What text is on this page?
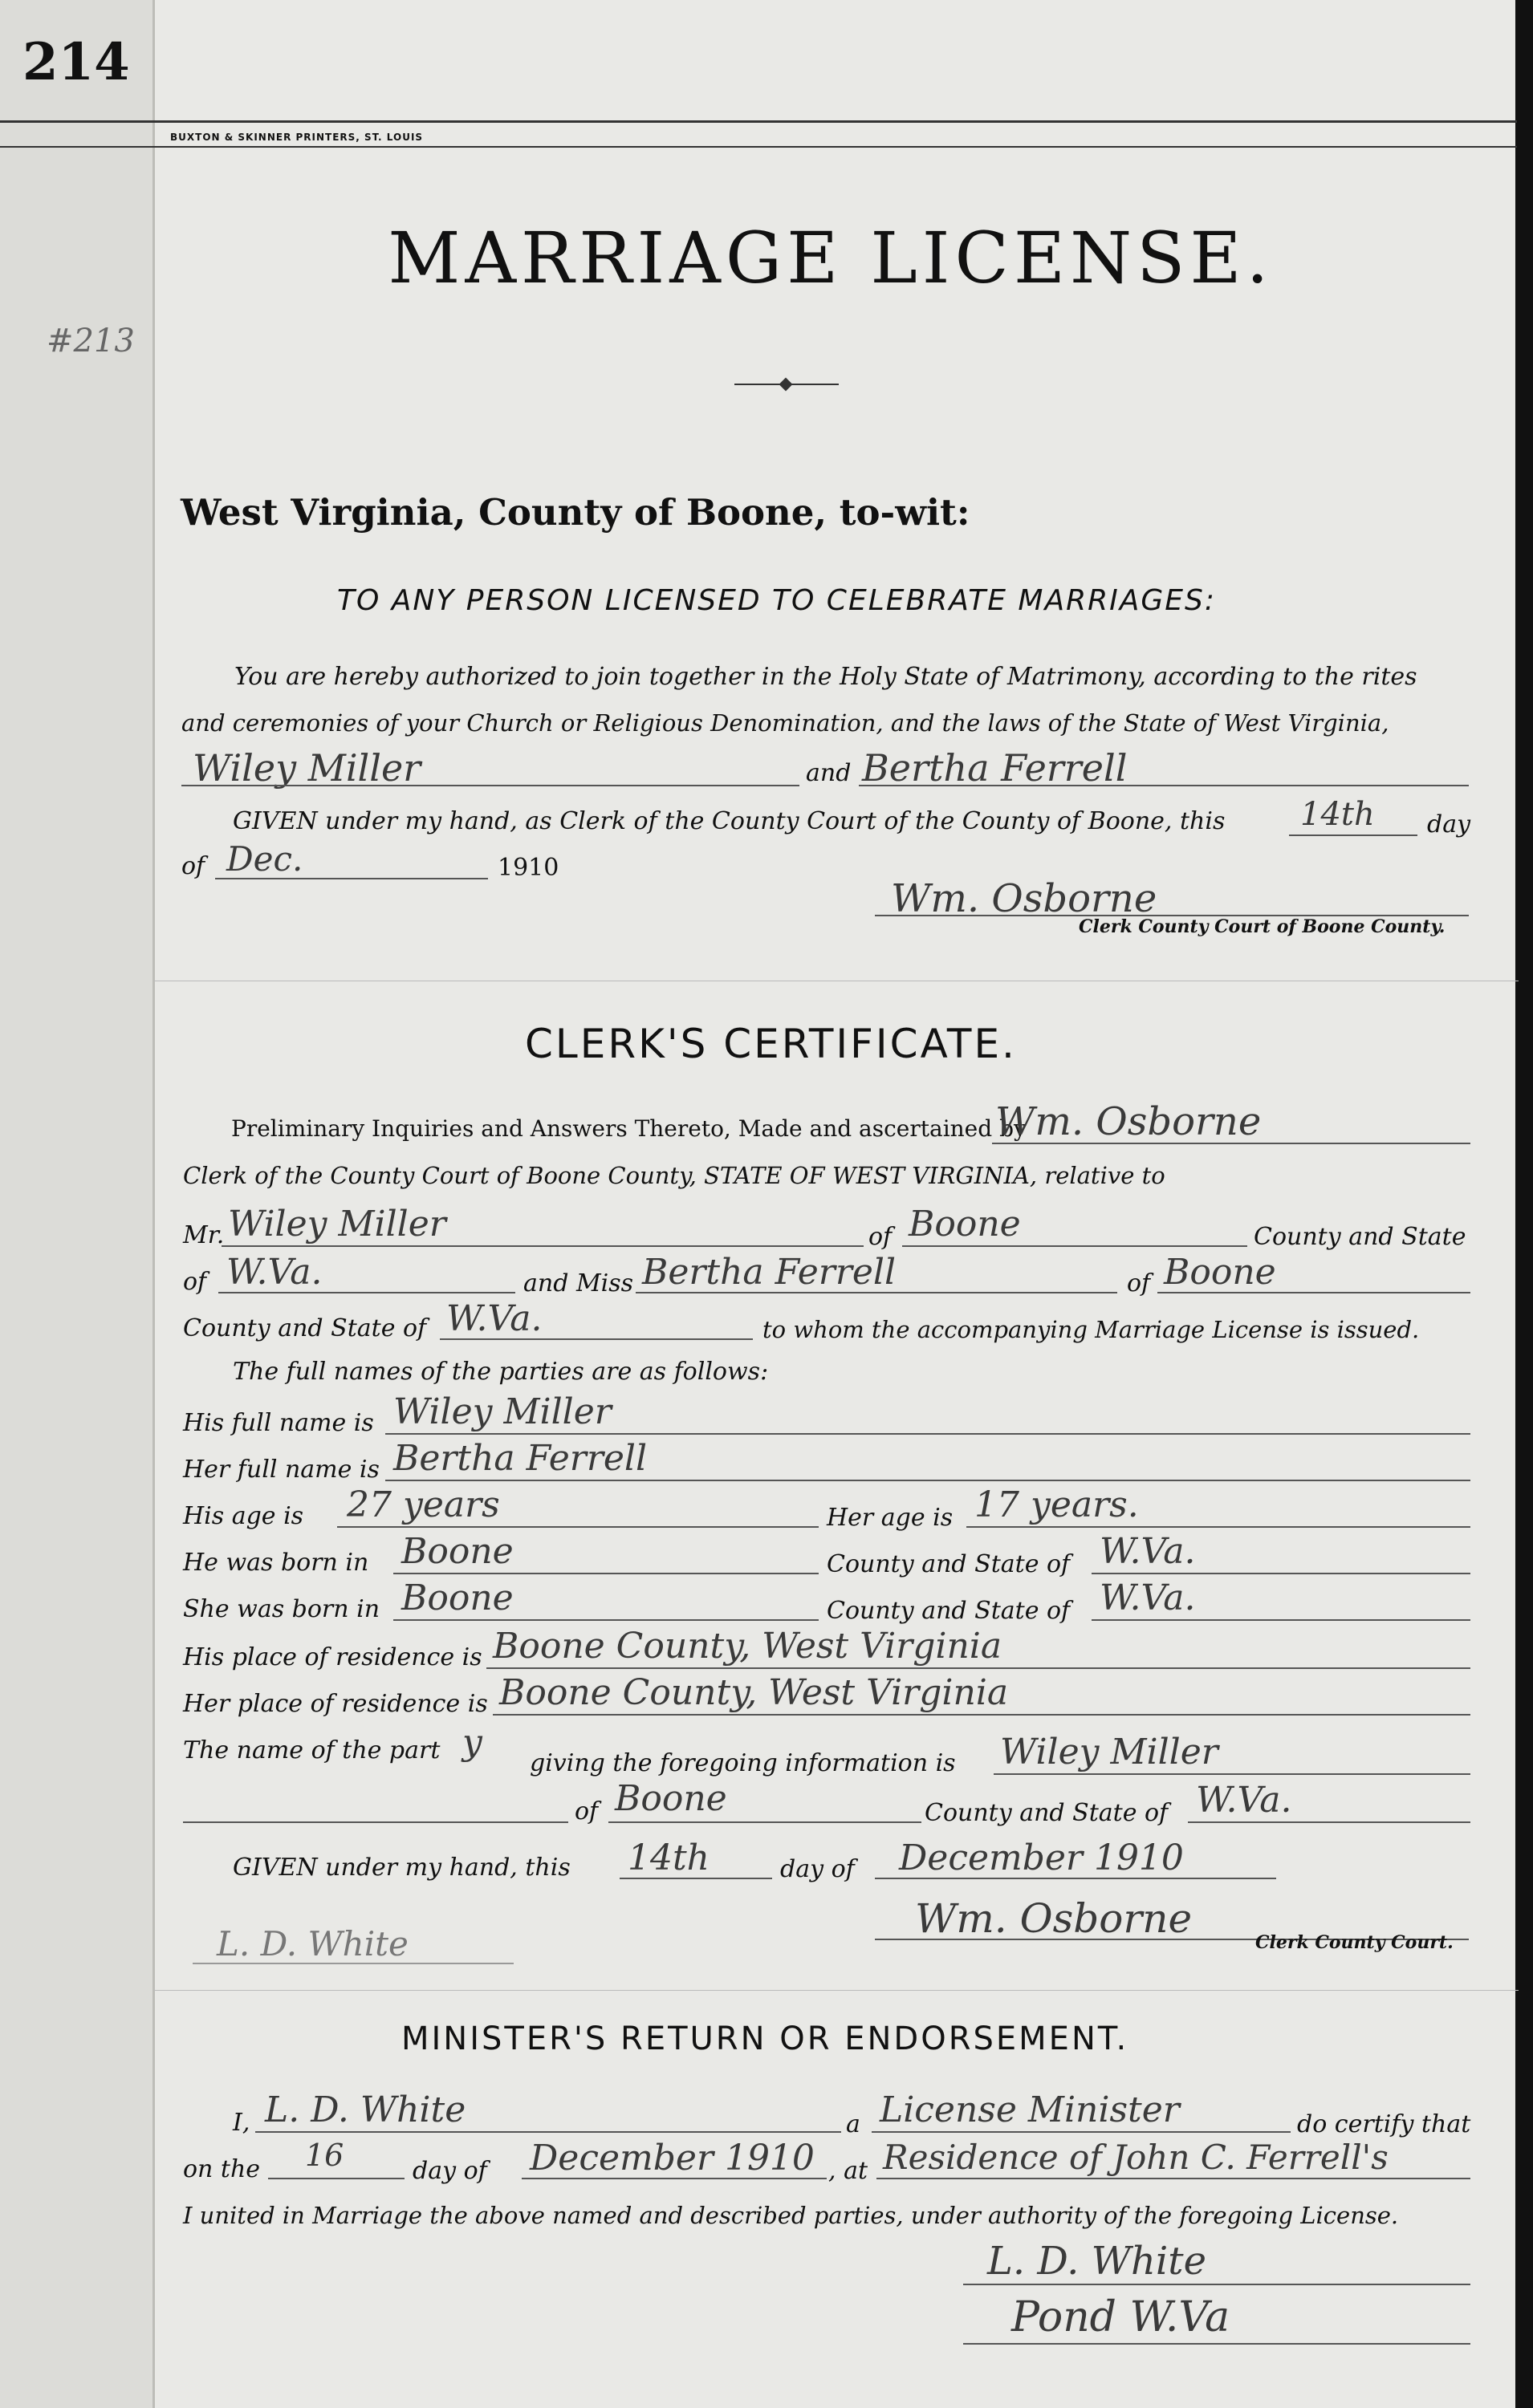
214
BUXTON & SKINNER PRINTERS, ST. LOUIS
#213
MARRIAGE LICENSE.
West Virginia, County of Boone, to-wit:
TO ANY PERSON LICENSED TO CELEBRATE MARRIAGES:
You are hereby authorized to join together in the Holy State of Matrimony, according to the rites
and ceremonies of your Church or Religious Denomination, and the laws of the State of West Virginia,
Wiley Miller	and Bertha Ferrell
GIVEN under my hand, as Clerk of the County Court of the County of Boone, this 14th day
of Dec.	1910
Wm. Osborne
Clerk County Court of Boone County.
CLERK'S CERTIFICATE.
Preliminary Inquiries and Answers Thereto, Made and ascertained by
Wm. Osborne
Clerk of the County Court of Boone County, STATE OF WEST VIRGINIA, relative to
Mr. Wiley Miller	of Boone	County and State
of W.Va.	and Miss Bertha Ferrell	of Boone
County and State of W.Va.	to whom the accompanying Marriage License is issued.
The full names of the parties are as follows:
His full name is Wiley Miller
Her full name is Bertha Ferrell
His age is 27 years	Her age is 17 years.
He was born in Boone	County and State of W.Va.
She was born in Boone	County and State of W.Va.
His place of residence is Boone County, West Virginia
Her place of residence is Boone County, West Virginia
The name of the part y
giving the foregoing information is Wiley Miller
of Boone	County and State of W.Va.
GIVEN under my hand, this 14th	day of December 1910
Wm. Osborne
Clerk County Court.
L. D. White
MINISTER'S RETURN OR ENDORSEMENT.
I, L. D. White	a License Minister	do certify that
on the 16	day of December 1910 , at Residence of John C. Ferrell's
I united in Marriage the above named and described parties, under authority of the foregoing License.
L. D. White
Pond W.Va
